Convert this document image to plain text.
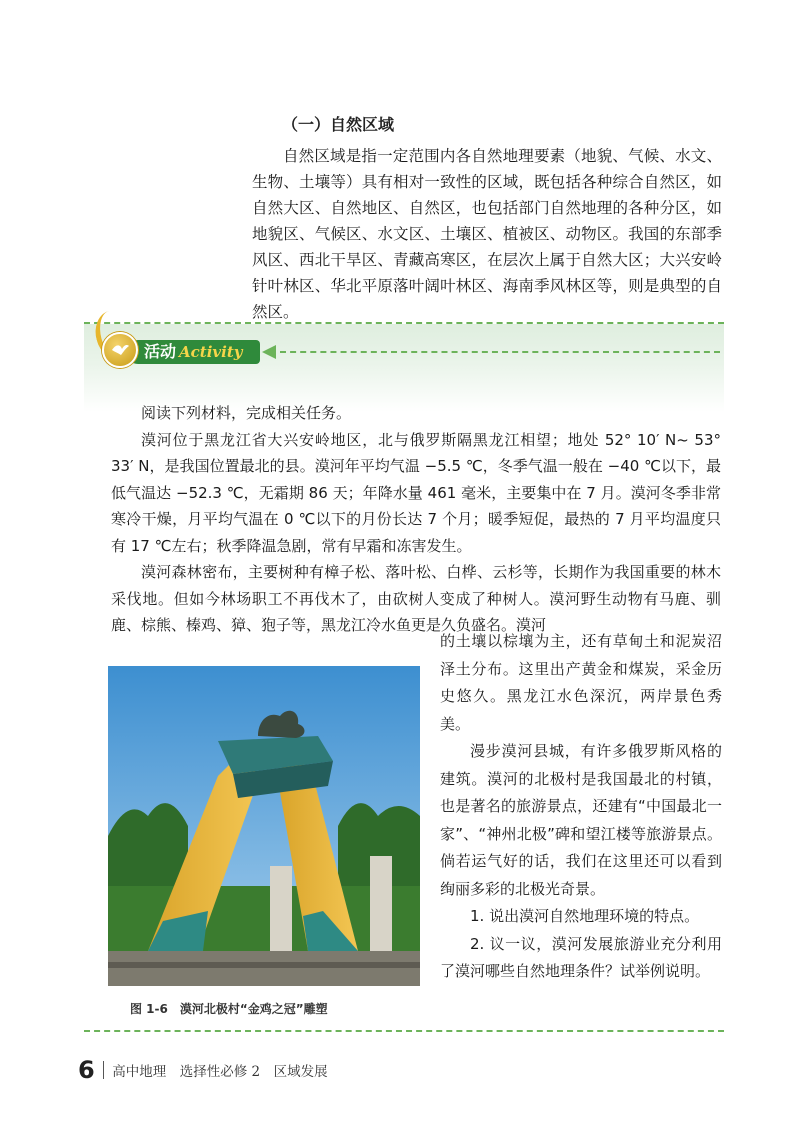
（一）自然区域

自然区域是指一定范围内各自然地理要素（地貌、气候、水文、生物、土壤等）具有相对一致性的区域，既包括各种综合自然区，如自然大区、自然地区、自然区，也包括部门自然地理的各种分区，如地貌区、气候区、水文区、土壤区、植被区、动物区。我国的东部季风区、西北干旱区、青藏高寒区，在层次上属于自然大区；大兴安岭针叶林区、华北平原落叶阔叶林区、海南季风林区等，则是典型的自然区。

活动 Activity

阅读下列材料，完成相关任务。

漠河位于黑龙江省大兴安岭地区，北与俄罗斯隔黑龙江相望；地处 52° 10′ N~ 53° 33′ N，是我国位置最北的县。漠河年平均气温 −5.5 ℃，冬季气温一般在 −40 ℃以下，最低气温达 −52.3 ℃，无霜期 86 天；年降水量 461 毫米，主要集中在 7 月。漠河冬季非常寒冷干燥，月平均气温在 0 ℃以下的月份长达 7 个月；暖季短促，最热的 7 月平均温度只有 17 ℃左右；秋季降温急剧，常有早霜和冻害发生。

漠河森林密布，主要树种有樟子松、落叶松、白桦、云杉等，长期作为我国重要的林木采伐地。但如今林场职工不再伐木了，由砍树人变成了种树人。漠河野生动物有马鹿、驯鹿、棕熊、榛鸡、獐、狍子等，黑龙江冷水鱼更是久负盛名。漠河

图 1-6　漠河北极村“金鸡之冠”雕塑

的土壤以棕壤为主，还有草甸土和泥炭沼泽土分布。这里出产黄金和煤炭，采金历史悠久。黑龙江水色深沉，两岸景色秀美。

漫步漠河县城，有许多俄罗斯风格的建筑。漠河的北极村是我国最北的村镇，也是著名的旅游景点，还建有“中国最北一家”、“神州北极”碑和望江楼等旅游景点。倘若运气好的话，我们在这里还可以看到绚丽多彩的北极光奇景。

1. 说出漠河自然地理环境的特点。

2. 议一议，漠河发展旅游业充分利用了漠河哪些自然地理条件？试举例说明。

6 高中地理　选择性必修 2　区域发展
